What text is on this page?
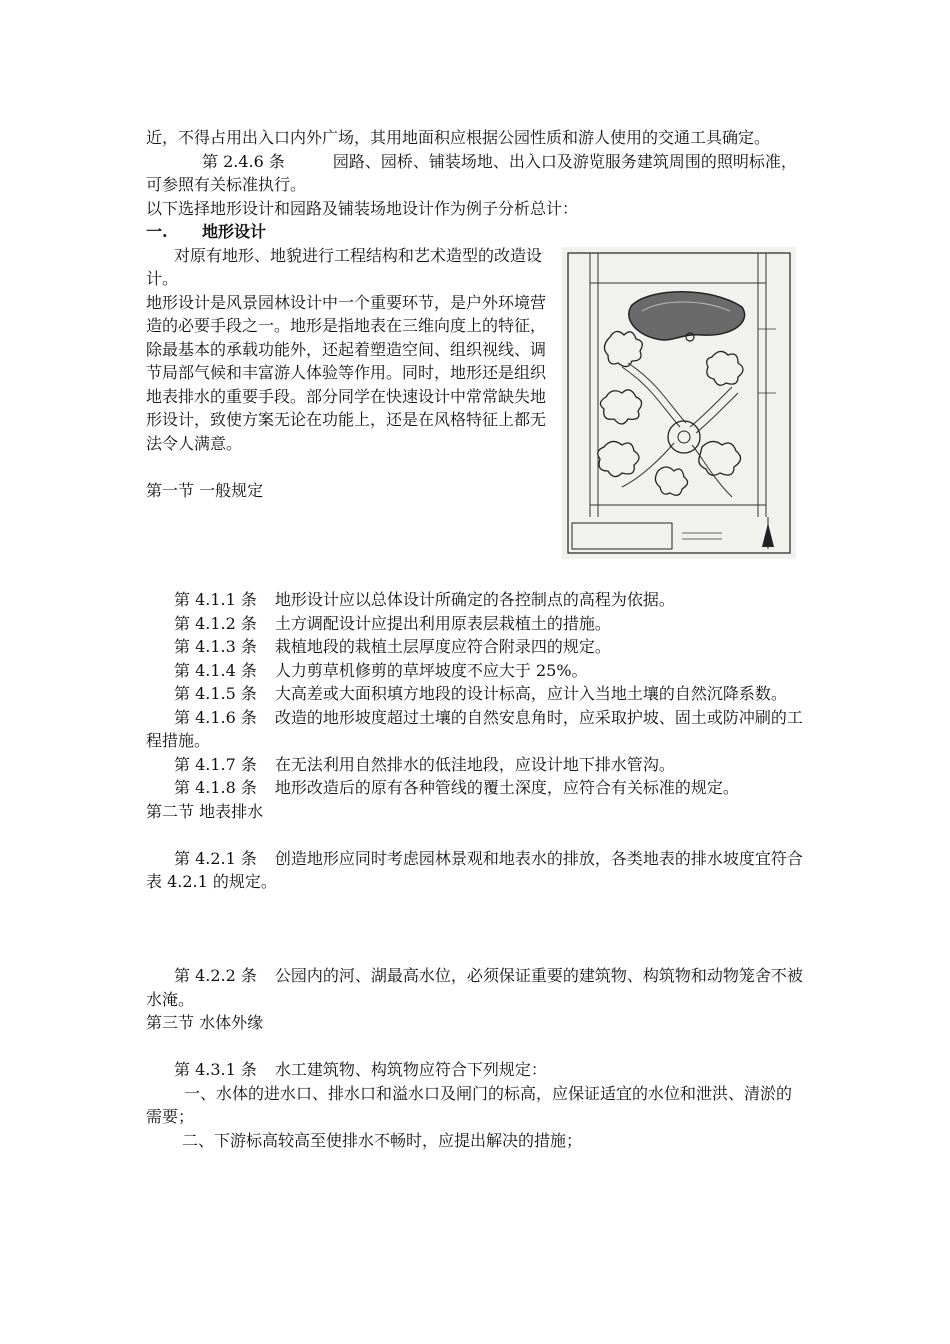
近，不得占用出入口内外广场，其用地面积应根据公园性质和游人使用的交通工具确定。

第 2.4.6 条	园路、园桥、铺装场地、出入口及游览服务建筑周围的照明标准，可参照有关标准执行。

以下选择地形设计和园路及铺装场地设计作为例子分析总计：

一. 地形设计

对原有地形、地貌进行工程结构和艺术造型的改造设计。

地形设计是风景园林设计中一个重要环节，是户外环境营造的必要手段之一。地形是指地表在三维向度上的特征，除最基本的承载功能外，还起着塑造空间、组织视线、调节局部气候和丰富游人体验等作用。同时，地形还是组织地表排水的重要手段。部分同学在快速设计中常常缺失地形设计，致使方案无论在功能上，还是在风格特征上都无法令人满意。

第一节 一般规定

第 4.1.1 条 地形设计应以总体设计所确定的各控制点的高程为依据。

第 4.1.2 条 土方调配设计应提出利用原表层栽植土的措施。

第 4.1.3 条 栽植地段的栽植土层厚度应符合附录四的规定。

第 4.1.4 条 人力剪草机修剪的草坪坡度不应大于 25%。

第 4.1.5 条 大高差或大面积填方地段的设计标高，应计入当地土壤的自然沉降系数。

第 4.1.6 条 改造的地形坡度超过土壤的自然安息角时，应采取护坡、固土或防冲刷的工程措施。

第 4.1.7 条 在无法利用自然排水的低洼地段，应设计地下排水管沟。

第 4.1.8 条 地形改造后的原有各种管线的覆土深度，应符合有关标准的规定。

第二节 地表排水

第 4.2.1 条 创造地形应同时考虑园林景观和地表水的排放，各类地表的排水坡度宜符合表 4.2.1 的规定。

第 4.2.2 条 公园内的河、湖最高水位，必须保证重要的建筑物、构筑物和动物笼舍不被水淹。

第三节 水体外缘

第 4.3.1 条 水工建筑物、构筑物应符合下列规定：

一、水体的进水口、排水口和溢水口及闸门的标高，应保证适宜的水位和泄洪、清淤的需要；

二、下游标高较高至使排水不畅时，应提出解决的措施；
